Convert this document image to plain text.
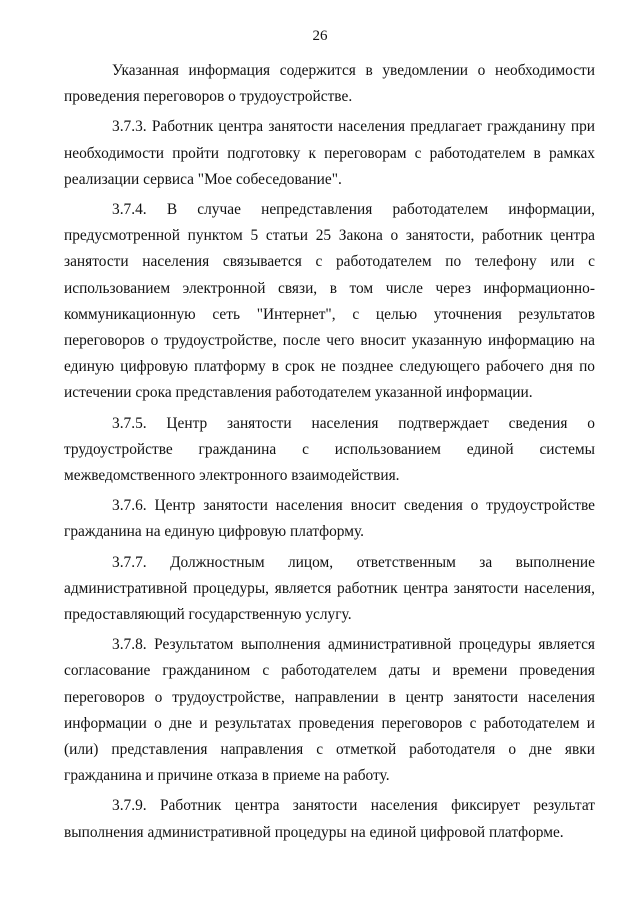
26

Указанная информация содержится в уведомлении о необходимости проведения переговоров о трудоустройстве.

3.7.3. Работник центра занятости населения предлагает гражданину при необходимости пройти подготовку к переговорам с работодателем в рамках реализации сервиса "Мое собеседование".

3.7.4. В случае непредставления работодателем информации, предусмотренной пунктом 5 статьи 25 Закона о занятости, работник центра занятости населения связывается с работодателем по телефону или с использованием электронной связи, в том числе через информационно-коммуникационную сеть "Интернет", с целью уточнения результатов переговоров о трудоустройстве, после чего вносит указанную информацию на единую цифровую платформу в срок не позднее следующего рабочего дня по истечении срока представления работодателем указанной информации.

3.7.5. Центр занятости населения подтверждает сведения о трудоустройстве гражданина с использованием единой системы межведомственного электронного взаимодействия.

3.7.6. Центр занятости населения вносит сведения о трудоустройстве гражданина на единую цифровую платформу.

3.7.7. Должностным лицом, ответственным за выполнение административной процедуры, является работник центра занятости населения, предоставляющий государственную услугу.

3.7.8. Результатом выполнения административной процедуры является согласование гражданином с работодателем даты и времени проведения переговоров о трудоустройстве, направлении в центр занятости населения информации о дне и результатах проведения переговоров с работодателем и (или) представления направления с отметкой работодателя о дне явки гражданина и причине отказа в приеме на работу.

3.7.9. Работник центра занятости населения фиксирует результат выполнения административной процедуры на единой цифровой платформе.
